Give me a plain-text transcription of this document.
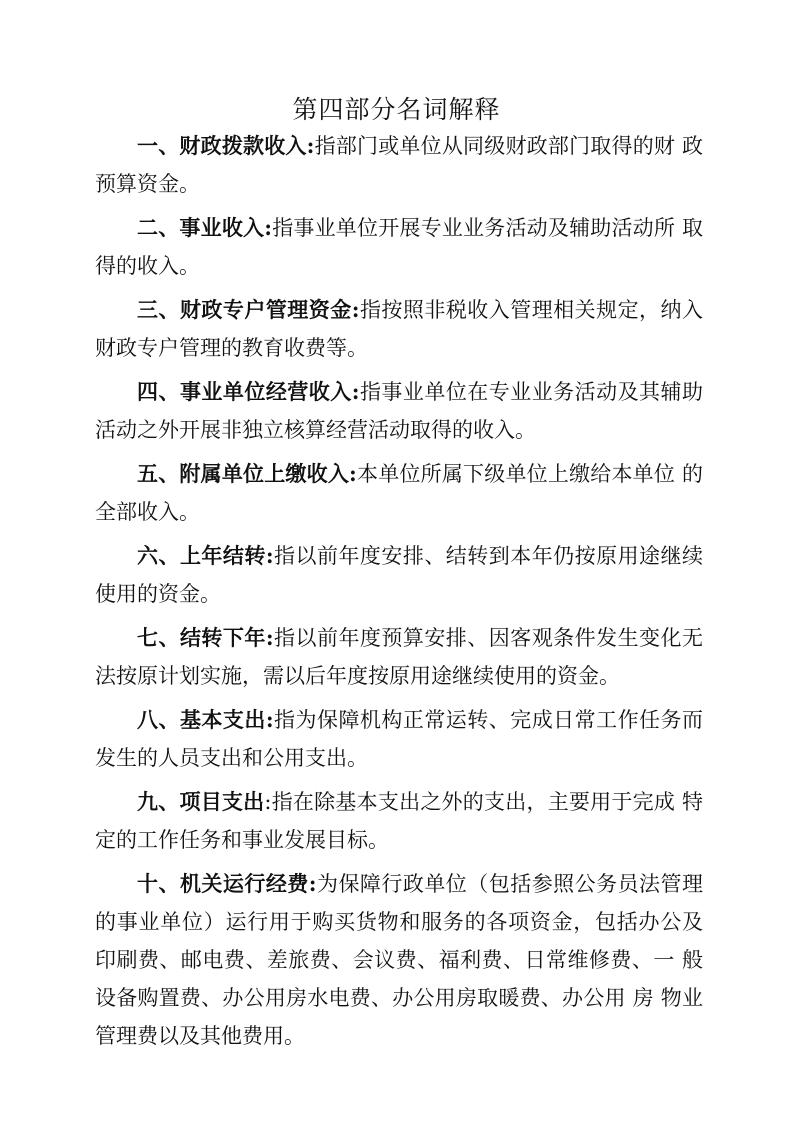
第四部分名词解释

一、财政拨款收入:指部门或单位从同级财政部门取得的财 政预算资金。

二、事业收入:指事业单位开展专业业务活动及辅助活动所 取得的收入。

三、财政专户管理资金:指按照非税收入管理相关规定，纳入财政专户管理的教育收费等。

四、事业单位经营收入:指事业单位在专业业务活动及其辅助活动之外开展非独立核算经营活动取得的收入。

五、附属单位上缴收入:本单位所属下级单位上缴给本单位 的全部收入。

六、上年结转:指以前年度安排、结转到本年仍按原用途继续使用的资金。

七、结转下年:指以前年度预算安排、因客观条件发生变化无法按原计划实施，需以后年度按原用途继续使用的资金。

八、基本支出:指为保障机构正常运转、完成日常工作任务而发生的人员支出和公用支出。

九、项目支出:指在除基本支出之外的支出，主要用于完成 特定的工作任务和事业发展目标。

十、机关运行经费:为保障行政单位（包括参照公务员法管理的事业单位）运行用于购买货物和服务的各项资金，包括办公及印刷费、邮电费、差旅费、会议费、福利费、日常维修费、一 般设备购置费、办公用房水电费、办公用房取暖费、办公用 房 物业管理费以及其他费用。
